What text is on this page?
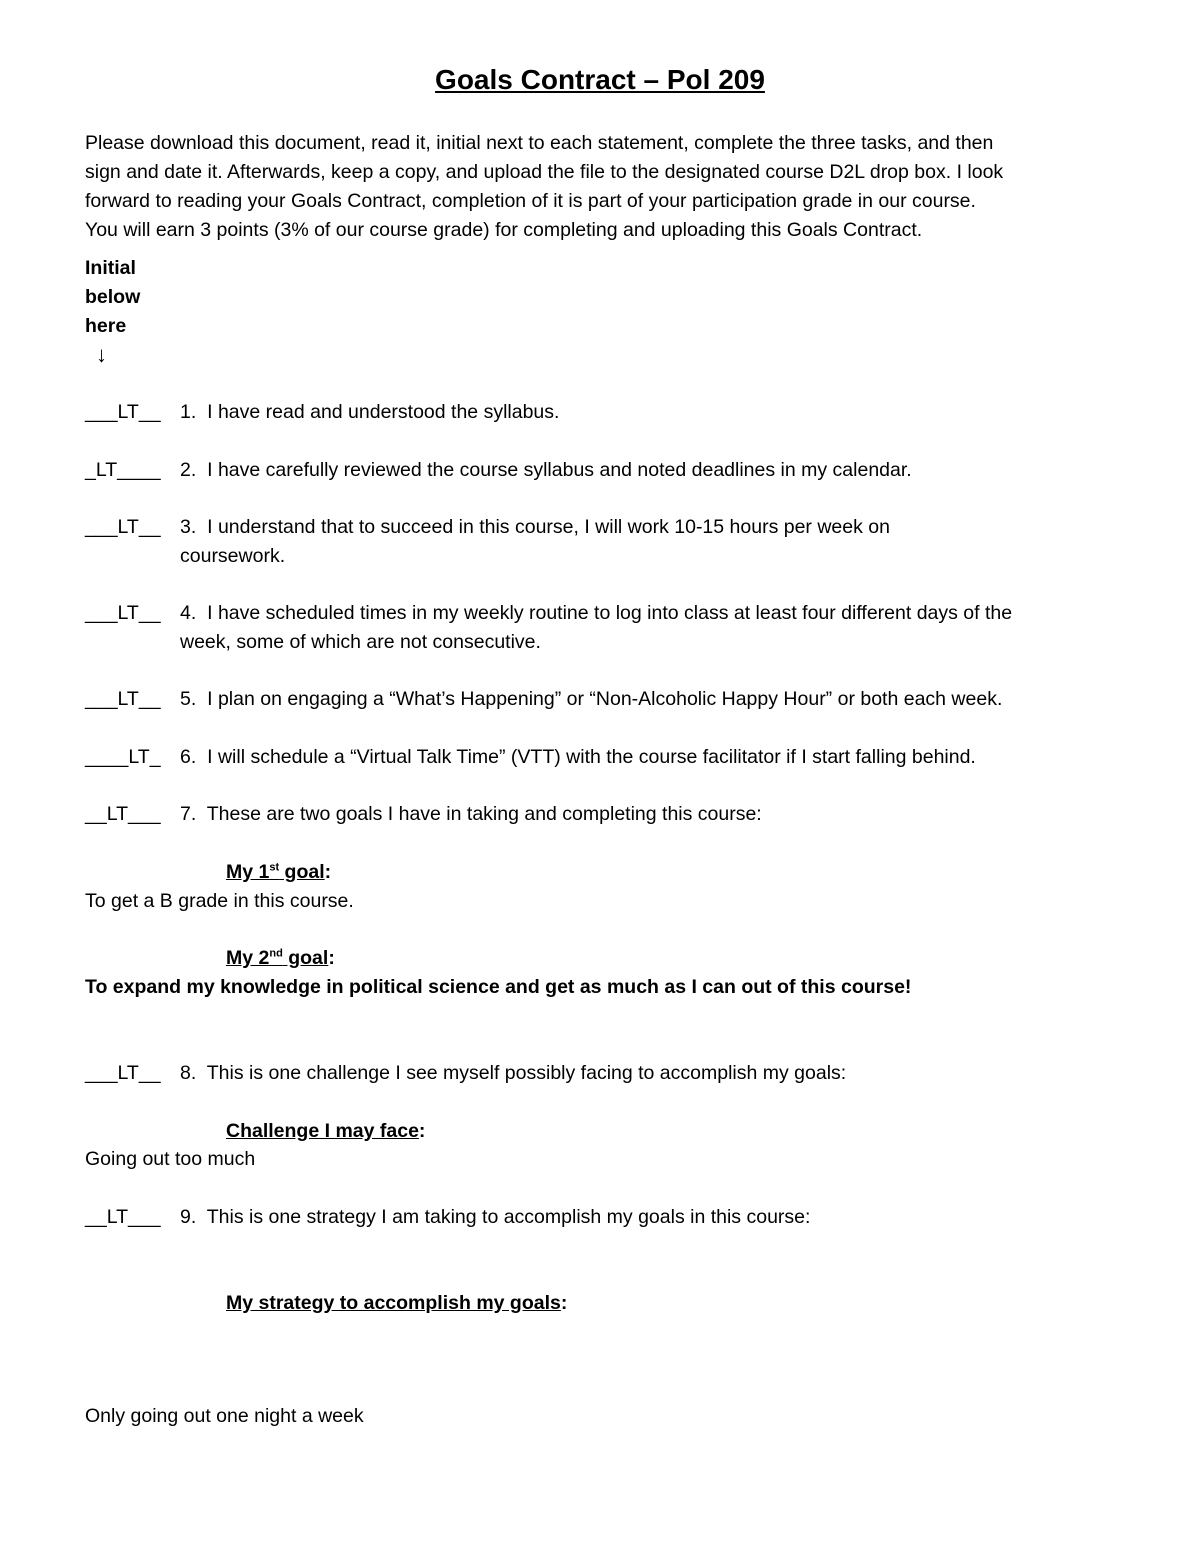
Goals Contract – Pol 209
Please download this document, read it, initial next to each statement, complete the three tasks, and then
sign and date it. Afterwards, keep a copy, and upload the file to the designated course D2L drop box. I look
forward to reading your Goals Contract, completion of it is part of your participation grade in our course.
You will earn 3 points (3% of our course grade) for completing and uploading this Goals Contract.
Initial
below
here
↓
___LT__ 1. I have read and understood the syllabus.
_LT____ 2. I have carefully reviewed the course syllabus and noted deadlines in my calendar.
___LT__ 3. I understand that to succeed in this course, I will work 10-15 hours per week on
coursework.
___LT__ 4. I have scheduled times in my weekly routine to log into class at least four different days of the
week, some of which are not consecutive.
___LT__ 5. I plan on engaging a “What’s Happening” or “Non-Alcoholic Happy Hour” or both each week.
____LT_ 6. I will schedule a “Virtual Talk Time” (VTT) with the course facilitator if I start falling behind.
__LT___ 7. These are two goals I have in taking and completing this course:
My 1st goal:
To get a B grade in this course.
My 2nd goal:
To expand my knowledge in political science and get as much as I can out of this course!
___LT__ 8. This is one challenge I see myself possibly facing to accomplish my goals:
Challenge I may face:
Going out too much
__LT___ 9. This is one strategy I am taking to accomplish my goals in this course:
My strategy to accomplish my goals:
Only going out one night a week
